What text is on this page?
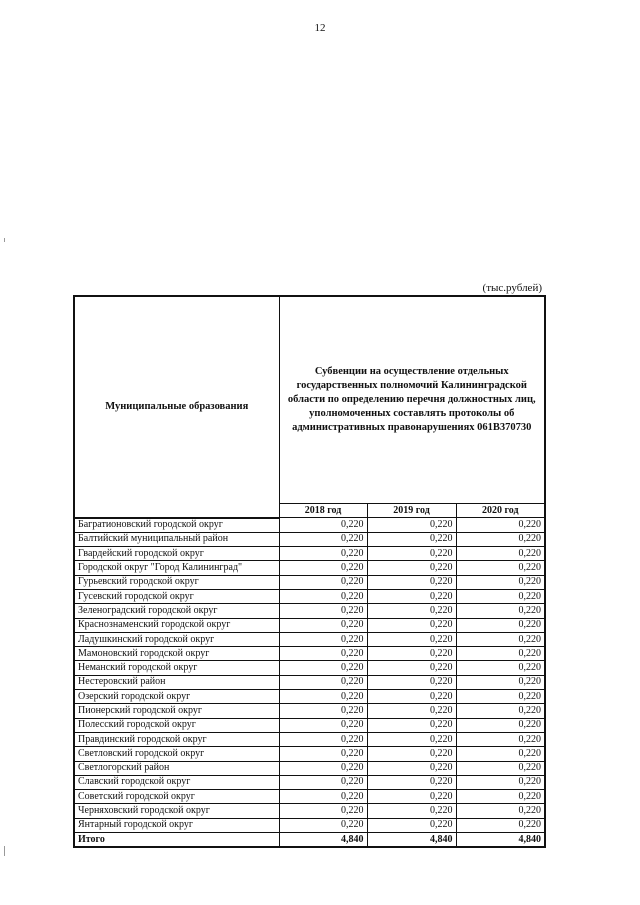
12
(тыс.рублей)
Муниципальные образования	Субвенции на осуществление отдельных государственных полномочий Калининградской области по определению перечня должностных лиц, уполномоченных составлять протоколы об административных правонарушениях 061В370730		
	2018 год	2019 год	2020 год
Багратионовский городской округ	0,220	0,220	0,220
Балтийский муниципальный район	0,220	0,220	0,220
Гвардейский городской округ	0,220	0,220	0,220
Городской округ "Город Калининград"	0,220	0,220	0,220
Гурьевский городской округ	0,220	0,220	0,220
Гусевский городской округ	0,220	0,220	0,220
Зеленоградский городской округ	0,220	0,220	0,220
Краснознаменский городской округ	0,220	0,220	0,220
Ладушкинский городской округ	0,220	0,220	0,220
Мамоновский городской округ	0,220	0,220	0,220
Неманский городской округ	0,220	0,220	0,220
Нестеровский район	0,220	0,220	0,220
Озерский городской округ	0,220	0,220	0,220
Пионерский городской округ	0,220	0,220	0,220
Полесский городской округ	0,220	0,220	0,220
Правдинский городской округ	0,220	0,220	0,220
Светловский городской округ	0,220	0,220	0,220
Светлогорский район	0,220	0,220	0,220
Славский городской округ	0,220	0,220	0,220
Советский городской округ	0,220	0,220	0,220
Черняховский городской округ	0,220	0,220	0,220
Янтарный городской округ	0,220	0,220	0,220
Итого	4,840	4,840	4,840
